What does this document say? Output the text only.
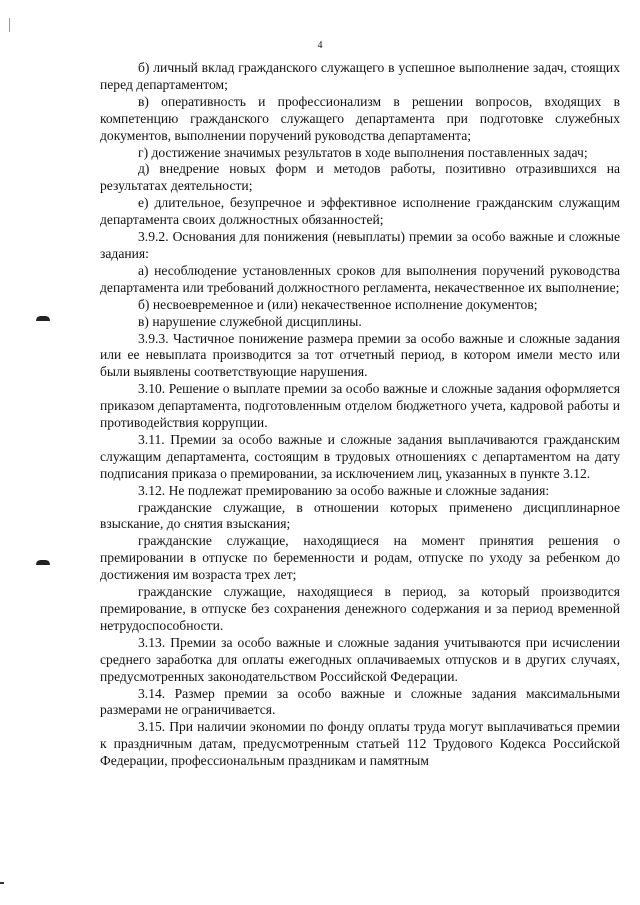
4

б) личный вклад гражданского служащего в успешное выполнение задач, стоящих перед департаментом;

в) оперативность и профессионализм в решении вопросов, входящих в компетенцию гражданского служащего департамента при подготовке служебных документов, выполнении поручений руководства департамента;

г) достижение значимых результатов в ходе выполнения поставленных задач;

д) внедрение новых форм и методов работы, позитивно отразившихся на результатах деятельности;

е) длительное, безупречное и эффективное исполнение гражданским служащим департамента своих должностных обязанностей;

3.9.2. Основания для понижения (невыплаты) премии за особо важные и сложные задания:

а) несоблюдение установленных сроков для выполнения поручений руководства департамента или требований должностного регламента, некачественное их выполнение;

б) несвоевременное и (или) некачественное исполнение документов;

в) нарушение служебной дисциплины.

3.9.3. Частичное понижение размера премии за особо важные и сложные задания или ее невыплата производится за тот отчетный период, в котором имели место или были выявлены соответствующие нарушения.

3.10. Решение о выплате премии за особо важные и сложные задания оформляется приказом департамента, подготовленным отделом бюджетного учета, кадровой работы и противодействия коррупции.

3.11. Премии за особо важные и сложные задания выплачиваются гражданским служащим департамента, состоящим в трудовых отношениях с департаментом на дату подписания приказа о премировании, за исключением лиц, указанных в пункте 3.12.

3.12. Не подлежат премированию за особо важные и сложные задания:

гражданские служащие, в отношении которых применено дисциплинарное взыскание, до снятия взыскания;

гражданские служащие, находящиеся на момент принятия решения о премировании в отпуске по беременности и родам, отпуске по уходу за ребенком до достижения им возраста трех лет;

гражданские служащие, находящиеся в период, за который производится премирование, в отпуске без сохранения денежного содержания и за период временной нетрудоспособности.

3.13. Премии за особо важные и сложные задания учитываются при исчислении среднего заработка для оплаты ежегодных оплачиваемых отпусков и в других случаях, предусмотренных законодательством Российской Федерации.

3.14. Размер премии за особо важные и сложные задания максимальными размерами не ограничивается.

3.15. При наличии экономии по фонду оплаты труда могут выплачиваться премии к праздничным датам, предусмотренным статьей 112 Трудового Кодекса Российской Федерации, профессиональным праздникам и памятным
